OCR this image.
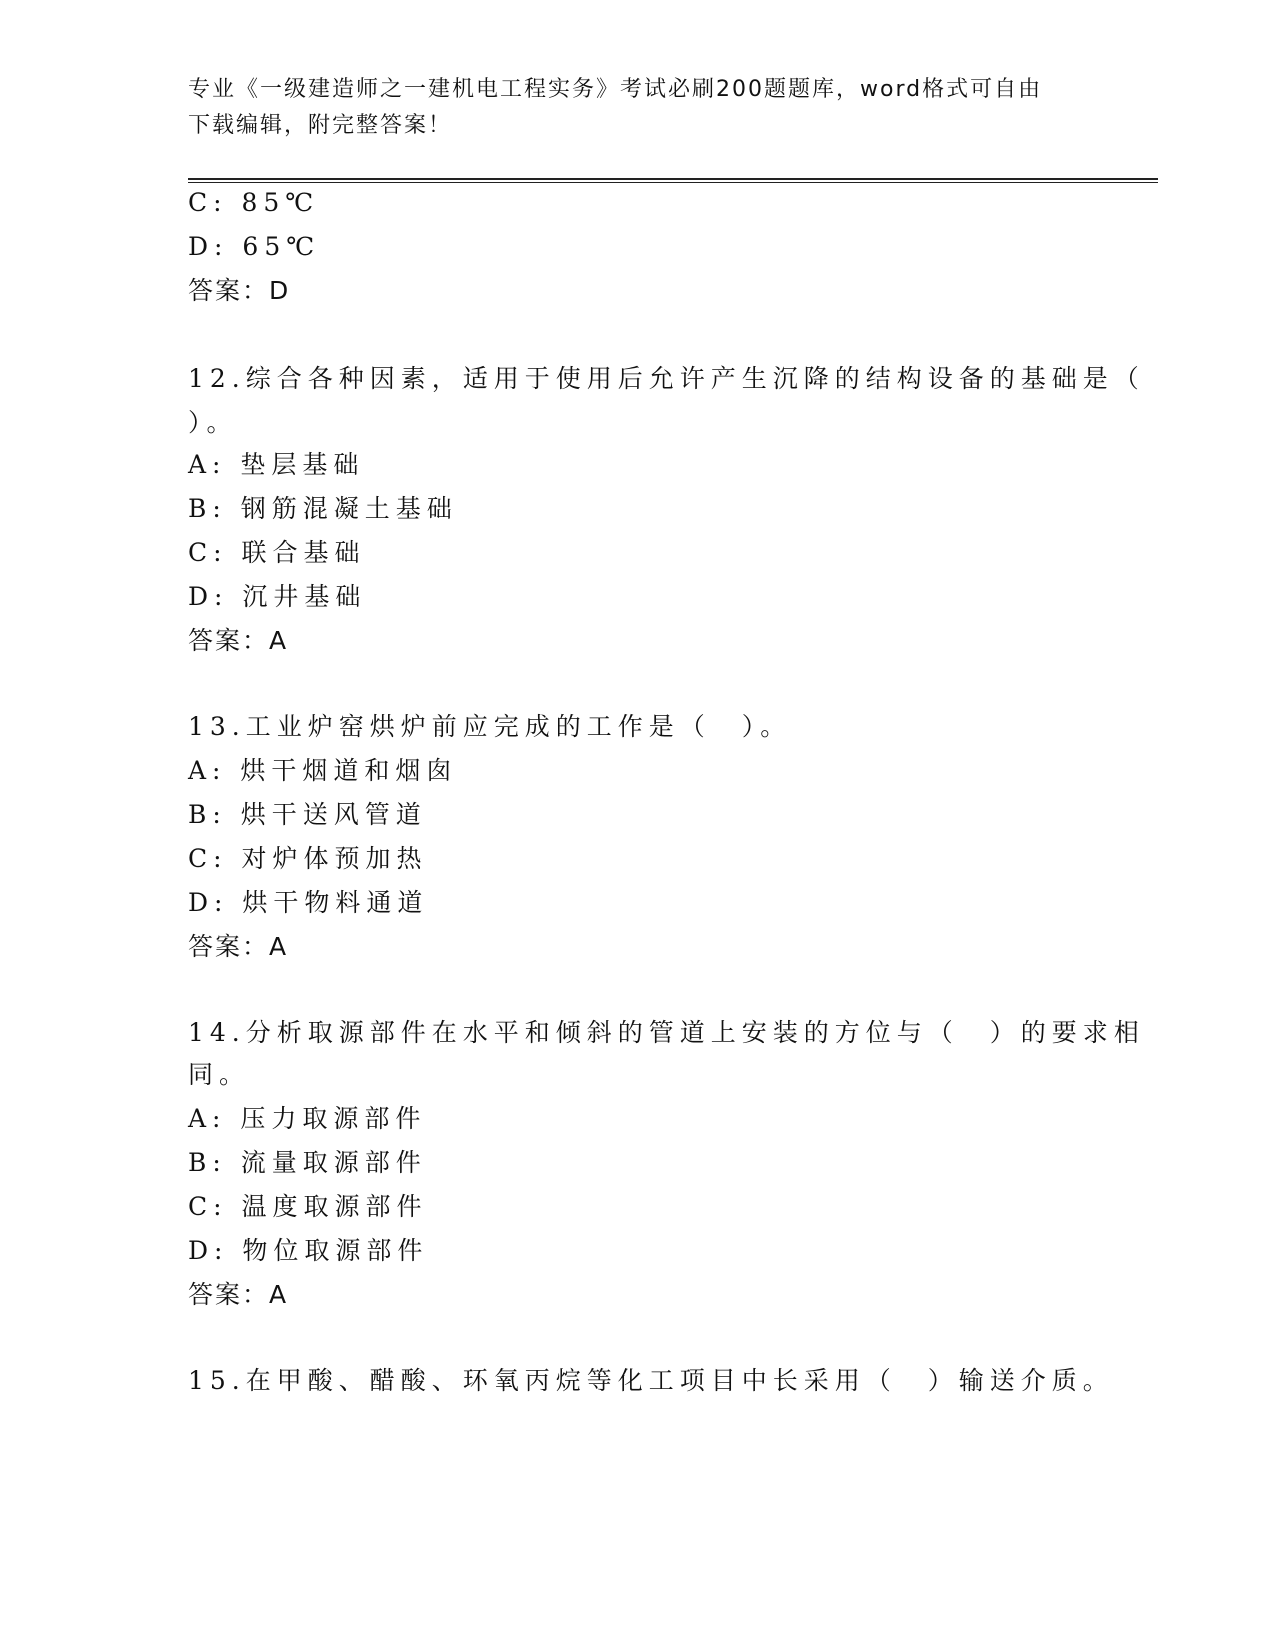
专业《一级建造师之一建机电工程实务》考试必刷200题题库，word格式可自由
下载编辑，附完整答案！
C: 85℃
D: 65℃
答案：D
12.综合各种因素，适用于使用后允许产生沉降的结构设备的基础是（
）。
A: 垫层基础
B: 钢筋混凝土基础
C: 联合基础
D: 沉井基础
答案：A
13.工业炉窑烘炉前应完成的工作是（　）。
A: 烘干烟道和烟囱
B: 烘干送风管道
C: 对炉体预加热
D: 烘干物料通道
答案：A
14.分析取源部件在水平和倾斜的管道上安装的方位与（　）的要求相
同。
A: 压力取源部件
B: 流量取源部件
C: 温度取源部件
D: 物位取源部件
答案：A
15.在甲酸、醋酸、环氧丙烷等化工项目中长采用（　）输送介质。
